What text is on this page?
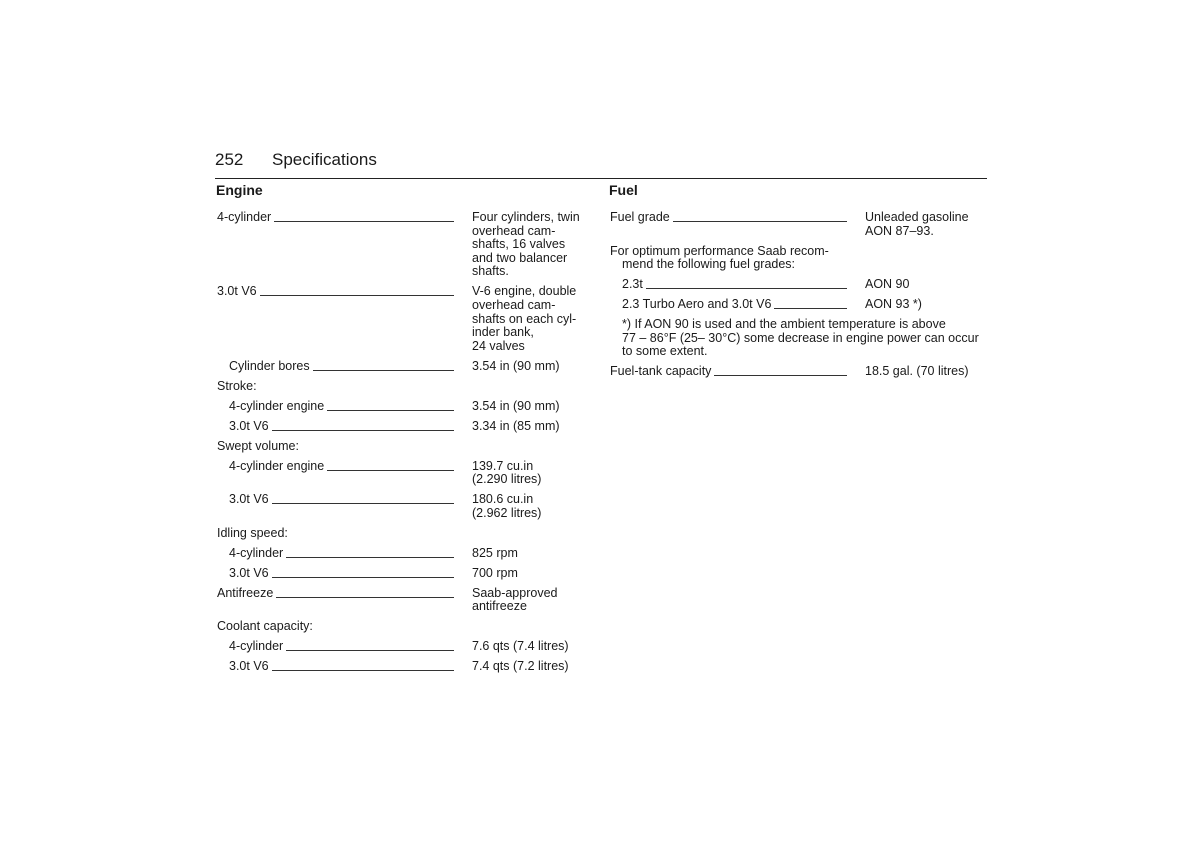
252 Specifications
Engine
4-cylinder	Four cylinders, twin
overhead cam-
shafts, 16 valves
and two balancer
shafts.
3.0t V6	V-6 engine, double
overhead cam-
shafts on each cyl-
inder bank,
24 valves
Cylinder bores	3.54 in (90 mm)
Stroke:
4-cylinder engine	3.54 in (90 mm)
3.0t V6	3.34 in (85 mm)
Swept volume:
4-cylinder engine	139.7 cu.in
(2.290 litres)
3.0t V6	180.6 cu.in
(2.962 litres)
Idling speed:
4-cylinder	825 rpm
3.0t V6	700 rpm
Antifreeze	Saab-approved
antifreeze
Coolant capacity:
4-cylinder	7.6 qts (7.4 litres)
3.0t V6	7.4 qts (7.2 litres)
Fuel
Fuel grade	Unleaded gasoline
AON 87–93.
For optimum performance Saab recom-
mend the following fuel grades:
2.3t	AON 90
2.3 Turbo Aero and 3.0t V6	AON 93 *)
*) If AON 90 is used and the ambient temperature is above
77 – 86°F (25– 30°C) some decrease in engine power can occur
to some extent.
Fuel-tank capacity	18.5 gal. (70 litres)
